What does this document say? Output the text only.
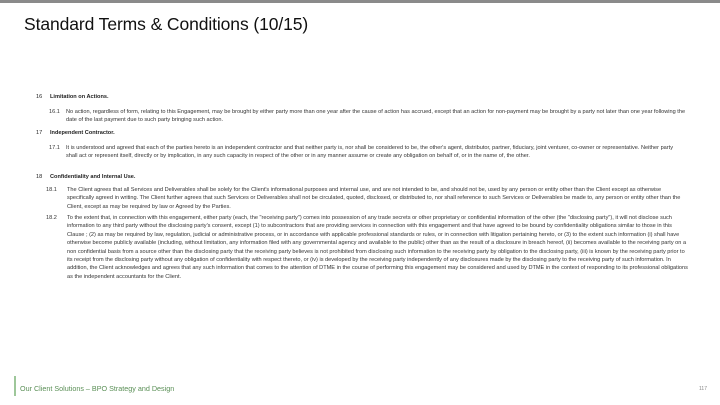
Standard Terms & Conditions (10/15)
16 Limitation on Actions.
16.1 No action, regardless of form, relating to this Engagement, may be brought by either party more than one year after the cause of action has accrued, except that an action for non-payment may be brought by a party not later than one year following the date of the last payment due to such party bringing such action.
17 Independent Contractor.
17.1 It is understood and agreed that each of the parties hereto is an independent contractor and that neither party is, nor shall be considered to be, the other's agent, distributor, partner, fiduciary, joint venturer, co-owner or representative. Neither party shall act or represent itself, directly or by implication, in any such capacity in respect of the other or in any manner assume or create any obligation on behalf of, or in the name of, the other.
18 Confidentiality and Internal Use.
18.1 The Client agrees that all Services and Deliverables shall be solely for the Client's informational purposes and internal use, and are not intended to be, and should not be, used by any person or entity other than the Client except as otherwise specifically agreed in writing. The Client further agrees that such Services or Deliverables shall not be circulated, quoted, disclosed, or distributed to, nor shall reference to such Services or Deliverables be made to, any person or entity other than the Client, except as may be required by law or Agreed by the Parties.
18.2 To the extent that, in connection with this engagement, either party (each, the "receiving party") comes into possession of any trade secrets or other proprietary or confidential information of the other (the "disclosing party"), it will not disclose such information to any third party without the disclosing party's consent, except (1) to subcontractors that are providing services in connection with this engagement and that have agreed to be bound by confidentiality obligations similar to those in this Clause ; (2) as may be required by law, regulation, judicial or administrative process, or in accordance with applicable professional standards or rules, or in connection with litigation pertaining hereto, or (3) to the extent such information (i) shall have otherwise become publicly available (including, without limitation, any information filed with any governmental agency and available to the public) other than as the result of a disclosure in breach hereof, (ii) becomes available to the receiving party on a non confidential basis from a source other than the disclosing party that the receiving party believes is not prohibited from disclosing such information to the receiving party by obligation to the disclosing party, (iii) is known by the receiving party prior to its receipt from the disclosing party without any obligation of confidentiality with respect thereto, or (iv) is developed by the receiving party independently of any disclosures made by the disclosing party to the receiving party of such information. In addition, the Client acknowledges and agrees that any such information that comes to the attention of DTME in the course of performing this engagement may be considered and used by DTME in the context of responding to its professional obligations as the independent accountants for the Client.
Our Client Solutions – BPO Strategy and Design	117
